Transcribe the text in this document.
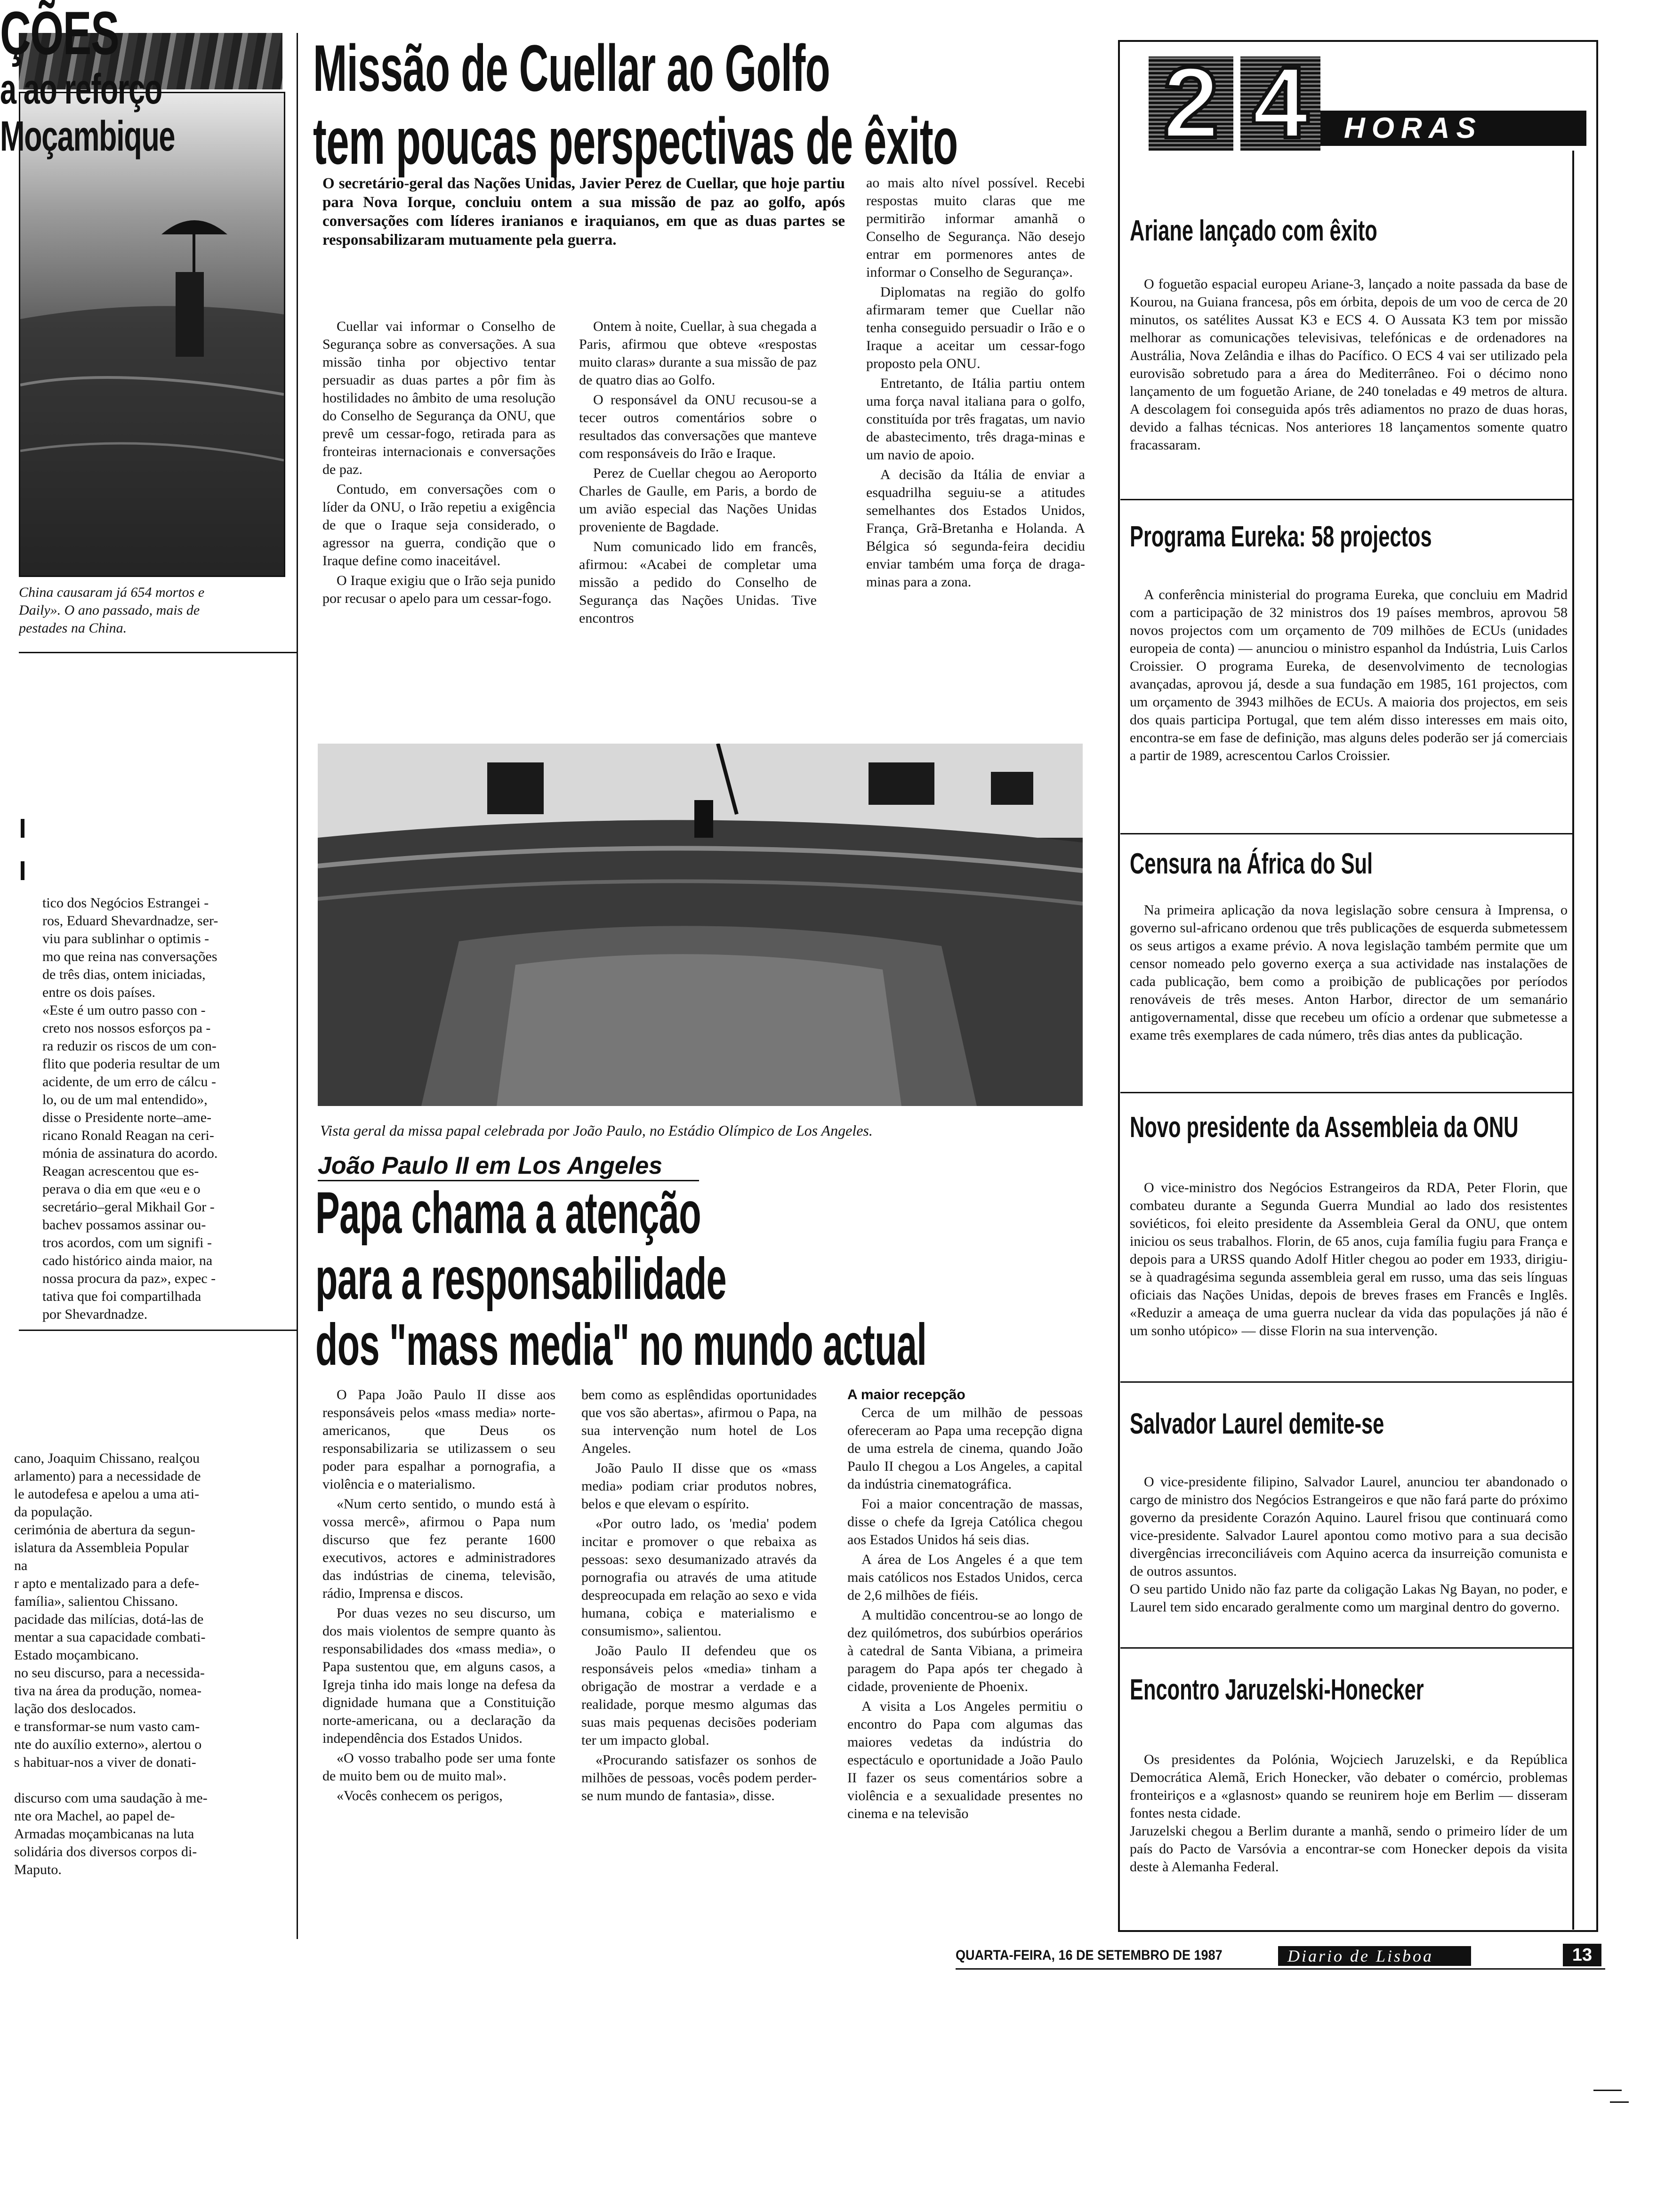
China causaram já 654 mortos e
Daily». O ano passado, mais de
pestades na China.
ÇÕES
tico dos Negócios Estrangei -
ros, Eduard Shevardnadze, ser-
viu para sublinhar o optimis -
mo que reina nas conversações
de três dias, ontem iniciadas,
entre os dois países.
«Este é um outro passo con -
creto nos nossos esforços pa -
ra reduzir os riscos de um con-
flito que poderia resultar de um
acidente, de um erro de cálcu -
lo, ou de um mal entendido»,
disse o Presidente norte–ame-
ricano Ronald Reagan na ceri-
mónia de assinatura do acordo.
Reagan acrescentou que es-
perava o dia em que «eu e o
secretário–geral Mikhail Gor -
bachev possamos assinar ou-
tros acordos, com um signifi -
cado histórico ainda maior, na
nossa procura da paz», expec -
tativa que foi compartilhada
por Shevardnadze.
a ao reforço
Moçambique
cano, Joaquim Chissano, realçou
arlamento) para a necessidade de
le autodefesa e apelou a uma ati-
da população.
cerimónia de abertura da segun-
islatura da Assembleia Popular
na
r apto e mentalizado para a defe-
família», salientou Chissano.
pacidade das milícias, dotá-las de
mentar a sua capacidade combati-
Estado moçambicano.
no seu discurso, para a necessida-
tiva na área da produção, nomea-
lação dos deslocados.
e transformar-se num vasto cam-
nte do auxílio externo», alertou o
s habituar-nos a viver de donati-
discurso com uma saudação à me-
nte ora Machel, ao papel de-
Armadas moçambicanas na luta
solidária dos diversos corpos di-
Maputo.
Missão de Cuellar ao Golfo
tem poucas perspectivas de êxito
O secretário-geral das Nações Unidas, Javier Perez de Cuellar, que hoje partiu para Nova Iorque, concluiu ontem a sua missão de paz ao golfo, após conversações com líderes iranianos e iraquianos, em que as duas partes se responsabilizaram mutuamente pela guerra.

Cuellar vai informar o Conselho de Segurança sobre as conversações. A sua missão tinha por objectivo tentar persuadir as duas partes a pôr fim às hostilidades no âmbito de uma resolução do Conselho de Segurança da ONU, que prevê um cessar-fogo, retirada para as fronteiras internacionais e conversações de paz.

Contudo, em conversações com o líder da ONU, o Irão repetiu a exigência de que o Iraque seja considerado, o agressor na guerra, condição que o Iraque define como inaceitável.

O Iraque exigiu que o Irão seja punido por recusar o apelo para um cessar-fogo.

Ontem à noite, Cuellar, à sua chegada a Paris, afirmou que obteve «respostas muito claras» durante a sua missão de paz de quatro dias ao Golfo.

O responsável da ONU recusou-se a tecer outros comentários sobre o resultados das conversações que manteve com responsáveis do Irão e Iraque.

Perez de Cuellar chegou ao Aeroporto Charles de Gaulle, em Paris, a bordo de um avião especial das Nações Unidas proveniente de Bagdade.

Num comunicado lido em francês, afirmou: «Acabei de completar uma missão a pedido do Conselho de Segurança das Nações Unidas. Tive encontros

ao mais alto nível possível. Recebi respostas muito claras que me permitirão informar amanhã o Conselho de Segurança. Não desejo entrar em pormenores antes de informar o Conselho de Segurança».

Diplomatas na região do golfo afirmaram temer que Cuellar não tenha conseguido persuadir o Irão e o Iraque a aceitar um cessar-fogo proposto pela ONU.

Entretanto, de Itália partiu ontem uma força naval italiana para o golfo, constituída por três fragatas, um navio de abastecimento, três draga-minas e um navio de apoio.

A decisão da Itália de enviar a esquadrilha seguiu-se a atitudes semelhantes dos Estados Unidos, França, Grã-Bretanha e Holanda. A Bélgica só segunda-feira decidiu enviar também uma força de draga-minas para a zona.

Vista geral da missa papal celebrada por João Paulo, no Estádio Olímpico de Los Angeles.
João Paulo II em Los Angeles
Papa chama a atenção
para a responsabilidade
dos "mass media" no mundo actual

O Papa João Paulo II disse aos responsáveis pelos «mass media» norte-americanos, que Deus os responsabilizaria se utilizassem o seu poder para espalhar a pornografia, a violência e o materialismo.

«Num certo sentido, o mundo está à vossa mercê», afirmou o Papa num discurso que fez perante 1600 executivos, actores e administradores das indústrias de cinema, televisão, rádio, Imprensa e discos.

Por duas vezes no seu discurso, um dos mais violentos de sempre quanto às responsabilidades dos «mass media», o Papa sustentou que, em alguns casos, a Igreja tinha ido mais longe na defesa da dignidade humana que a Constituição norte-americana, ou a declaração da independência dos Estados Unidos.

«O vosso trabalho pode ser uma fonte de muito bem ou de muito mal».

«Vocês conhecem os perigos,

bem como as esplêndidas oportunidades que vos são abertas», afirmou o Papa, na sua intervenção num hotel de Los Angeles.

João Paulo II disse que os «mass media» podiam criar produtos nobres, belos e que elevam o espírito.

«Por outro lado, os 'media' podem incitar e promover o que rebaixa as pessoas: sexo desumanizado através da pornografia ou através de uma atitude despreocupada em relação ao sexo e vida humana, cobiça e materialismo e consumismo», salientou.

João Paulo II defendeu que os responsáveis pelos «media» tinham a obrigação de mostrar a verdade e a realidade, porque mesmo algumas das suas mais pequenas decisões poderiam ter um impacto global.

«Procurando satisfazer os sonhos de milhões de pessoas, vocês podem perder-se num mundo de fantasia», disse.

A maior recepção

Cerca de um milhão de pessoas ofereceram ao Papa uma recepção digna de uma estrela de cinema, quando João Paulo II chegou a Los Angeles, a capital da indústria cinematográfica.

Foi a maior concentração de massas, disse o chefe da Igreja Católica chegou aos Estados Unidos há seis dias.

A área de Los Angeles é a que tem mais católicos nos Estados Unidos, cerca de 2,6 milhões de fiéis.

A multidão concentrou-se ao longo de dez quilómetros, dos subúrbios operários à catedral de Santa Vibiana, a primeira paragem do Papa após ter chegado à cidade, proveniente de Phoenix.

A visita a Los Angeles permitiu o encontro do Papa com algumas das maiores vedetas da indústria do espectáculo e oportunidade a João Paulo II fazer os seus comentários sobre a violência e a sexualidade presentes no cinema e na televisão

2 4	HORAS
Ariane lançado com êxito
O foguetão espacial europeu Ariane-3, lançado a noite passada da base de Kourou, na Guiana francesa, pôs em órbita, depois de um voo de cerca de 20 minutos, os satélites Aussat K3 e ECS 4. O Aussata K3 tem por missão melhorar as comunicações televisivas, telefónicas e de ordenadores na Austrália, Nova Zelândia e ilhas do Pacífico. O ECS 4 vai ser utilizado pela eurovisão sobretudo para a área do Mediterrâneo. Foi o décimo nono lançamento de um foguetão Ariane, de 240 toneladas e 49 metros de altura. A descolagem foi conseguida após três adiamentos no prazo de duas horas, devido a falhas técnicas. Nos anteriores 18 lançamentos somente quatro fracassaram.
Programa Eureka: 58 projectos
A conferência ministerial do programa Eureka, que concluiu em Madrid com a participação de 32 ministros dos 19 países membros, aprovou 58 novos projectos com um orçamento de 709 milhões de ECUs (unidades europeia de conta) — anunciou o ministro espanhol da Indústria, Luis Carlos Croissier. O programa Eureka, de desenvolvimento de tecnologias avançadas, aprovou já, desde a sua fundação em 1985, 161 projectos, com um orçamento de 3943 milhões de ECUs. A maioria dos projectos, em seis dos quais participa Portugal, que tem além disso interesses em mais oito, encontra-se em fase de definição, mas alguns deles poderão ser já comerciais a partir de 1989, acrescentou Carlos Croissier.
Censura na África do Sul
Na primeira aplicação da nova legislação sobre censura à Imprensa, o governo sul-africano ordenou que três publicações de esquerda submetessem os seus artigos a exame prévio. A nova legislação também permite que um censor nomeado pelo governo exerça a sua actividade nas instalações de cada publicação, bem como a proibição de publicações por períodos renováveis de três meses. Anton Harbor, director de um semanário antigovernamental, disse que recebeu um ofício a ordenar que submetesse a exame três exemplares de cada número, três dias antes da publicação.
Novo presidente da Assembleia da ONU
O vice-ministro dos Negócios Estrangeiros da RDA, Peter Florin, que combateu durante a Segunda Guerra Mundial ao lado dos resistentes soviéticos, foi eleito presidente da Assembleia Geral da ONU, que ontem iniciou os seus trabalhos. Florin, de 65 anos, cuja família fugiu para França e depois para a URSS quando Adolf Hitler chegou ao poder em 1933, dirigiu-se à quadragésima segunda assembleia geral em russo, uma das seis línguas oficiais das Nações Unidas, depois de breves frases em Francês e Inglês. «Reduzir a ameaça de uma guerra nuclear da vida das populações já não é um sonho utópico» — disse Florin na sua intervenção.
Salvador Laurel demite-se
O vice-presidente filipino, Salvador Laurel, anunciou ter abandonado o cargo de ministro dos Negócios Estrangeiros e que não fará parte do próximo governo da presidente Corazón Aquino. Laurel frisou que continuará como vice-presidente. Salvador Laurel apontou como motivo para a sua decisão divergências irreconciliáveis com Aquino acerca da insurreição comunista e de outros assuntos.
O seu partido Unido não faz parte da coligação Lakas Ng Bayan, no poder, e Laurel tem sido encarado geralmente como um marginal dentro do governo.
Encontro Jaruzelski-Honecker
Os presidentes da Polónia, Wojciech Jaruzelski, e da República Democrática Alemã, Erich Honecker, vão debater o comércio, problemas fronteiriços e a «glasnost» quando se reunirem hoje em Berlim — disseram fontes nesta cidade.
Jaruzelski chegou a Berlim durante a manhã, sendo o primeiro líder de um país do Pacto de Varsóvia a encontrar-se com Honecker depois da visita deste à Alemanha Federal.
QUARTA-FEIRA, 16 DE SETEMBRO DE 1987	Diario de Lisboa	13
